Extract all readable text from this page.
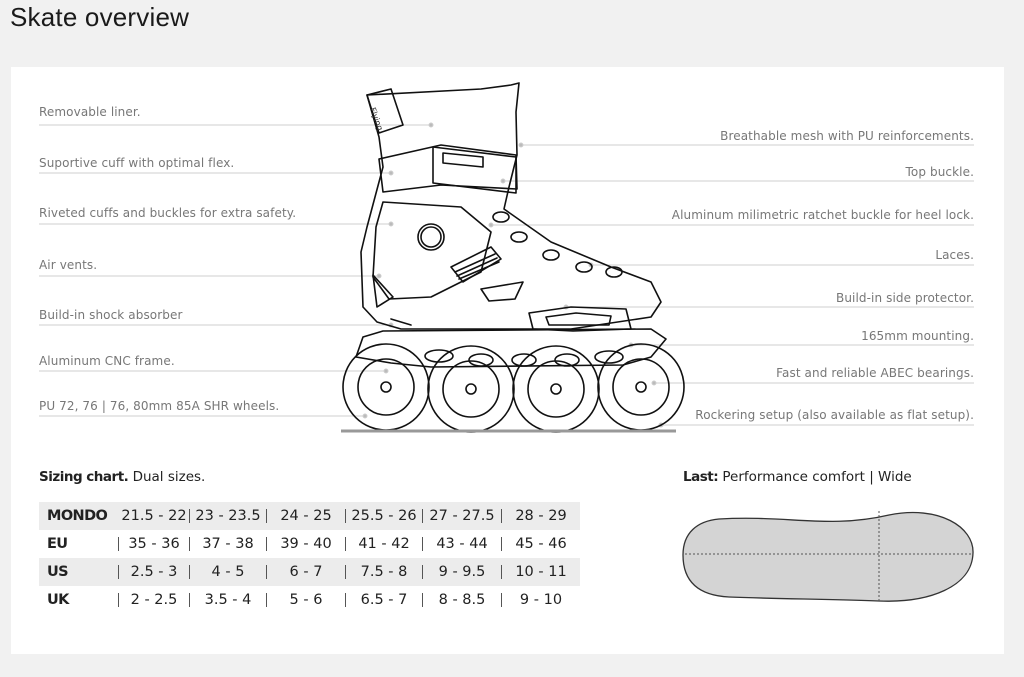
Skate overview
Flying
Removable liner.
Suportive cuff with optimal flex.
Riveted cuffs and buckles for extra safety.
Air vents.
Build-in shock absorber
Aluminum CNC frame.
PU 72, 76 | 76, 80mm 85A SHR wheels.
Breathable mesh with PU reinforcements.
Top buckle.
Aluminum milimetric ratchet buckle for heel lock.
Laces.
Build-in side protector.
165mm mounting.
Fast and reliable ABEC bearings.
Rockering setup (also available as flat setup).
Sizing chart. Dual sizes.
MONDO		21.5 - 22		23 - 23.5		24 - 25		25.5 - 26		27 - 27.5		28 - 29
EU		35 - 36		37 - 38		39 - 40		41 - 42		43 - 44		45 - 46
US		2.5 - 3		4 - 5		6 - 7		7.5 - 8		9 - 9.5		10 - 11
UK		2 - 2.5		3.5 - 4		5 - 6		6.5 - 7		8 - 8.5		9 - 10
Last: Performance comfort | Wide
